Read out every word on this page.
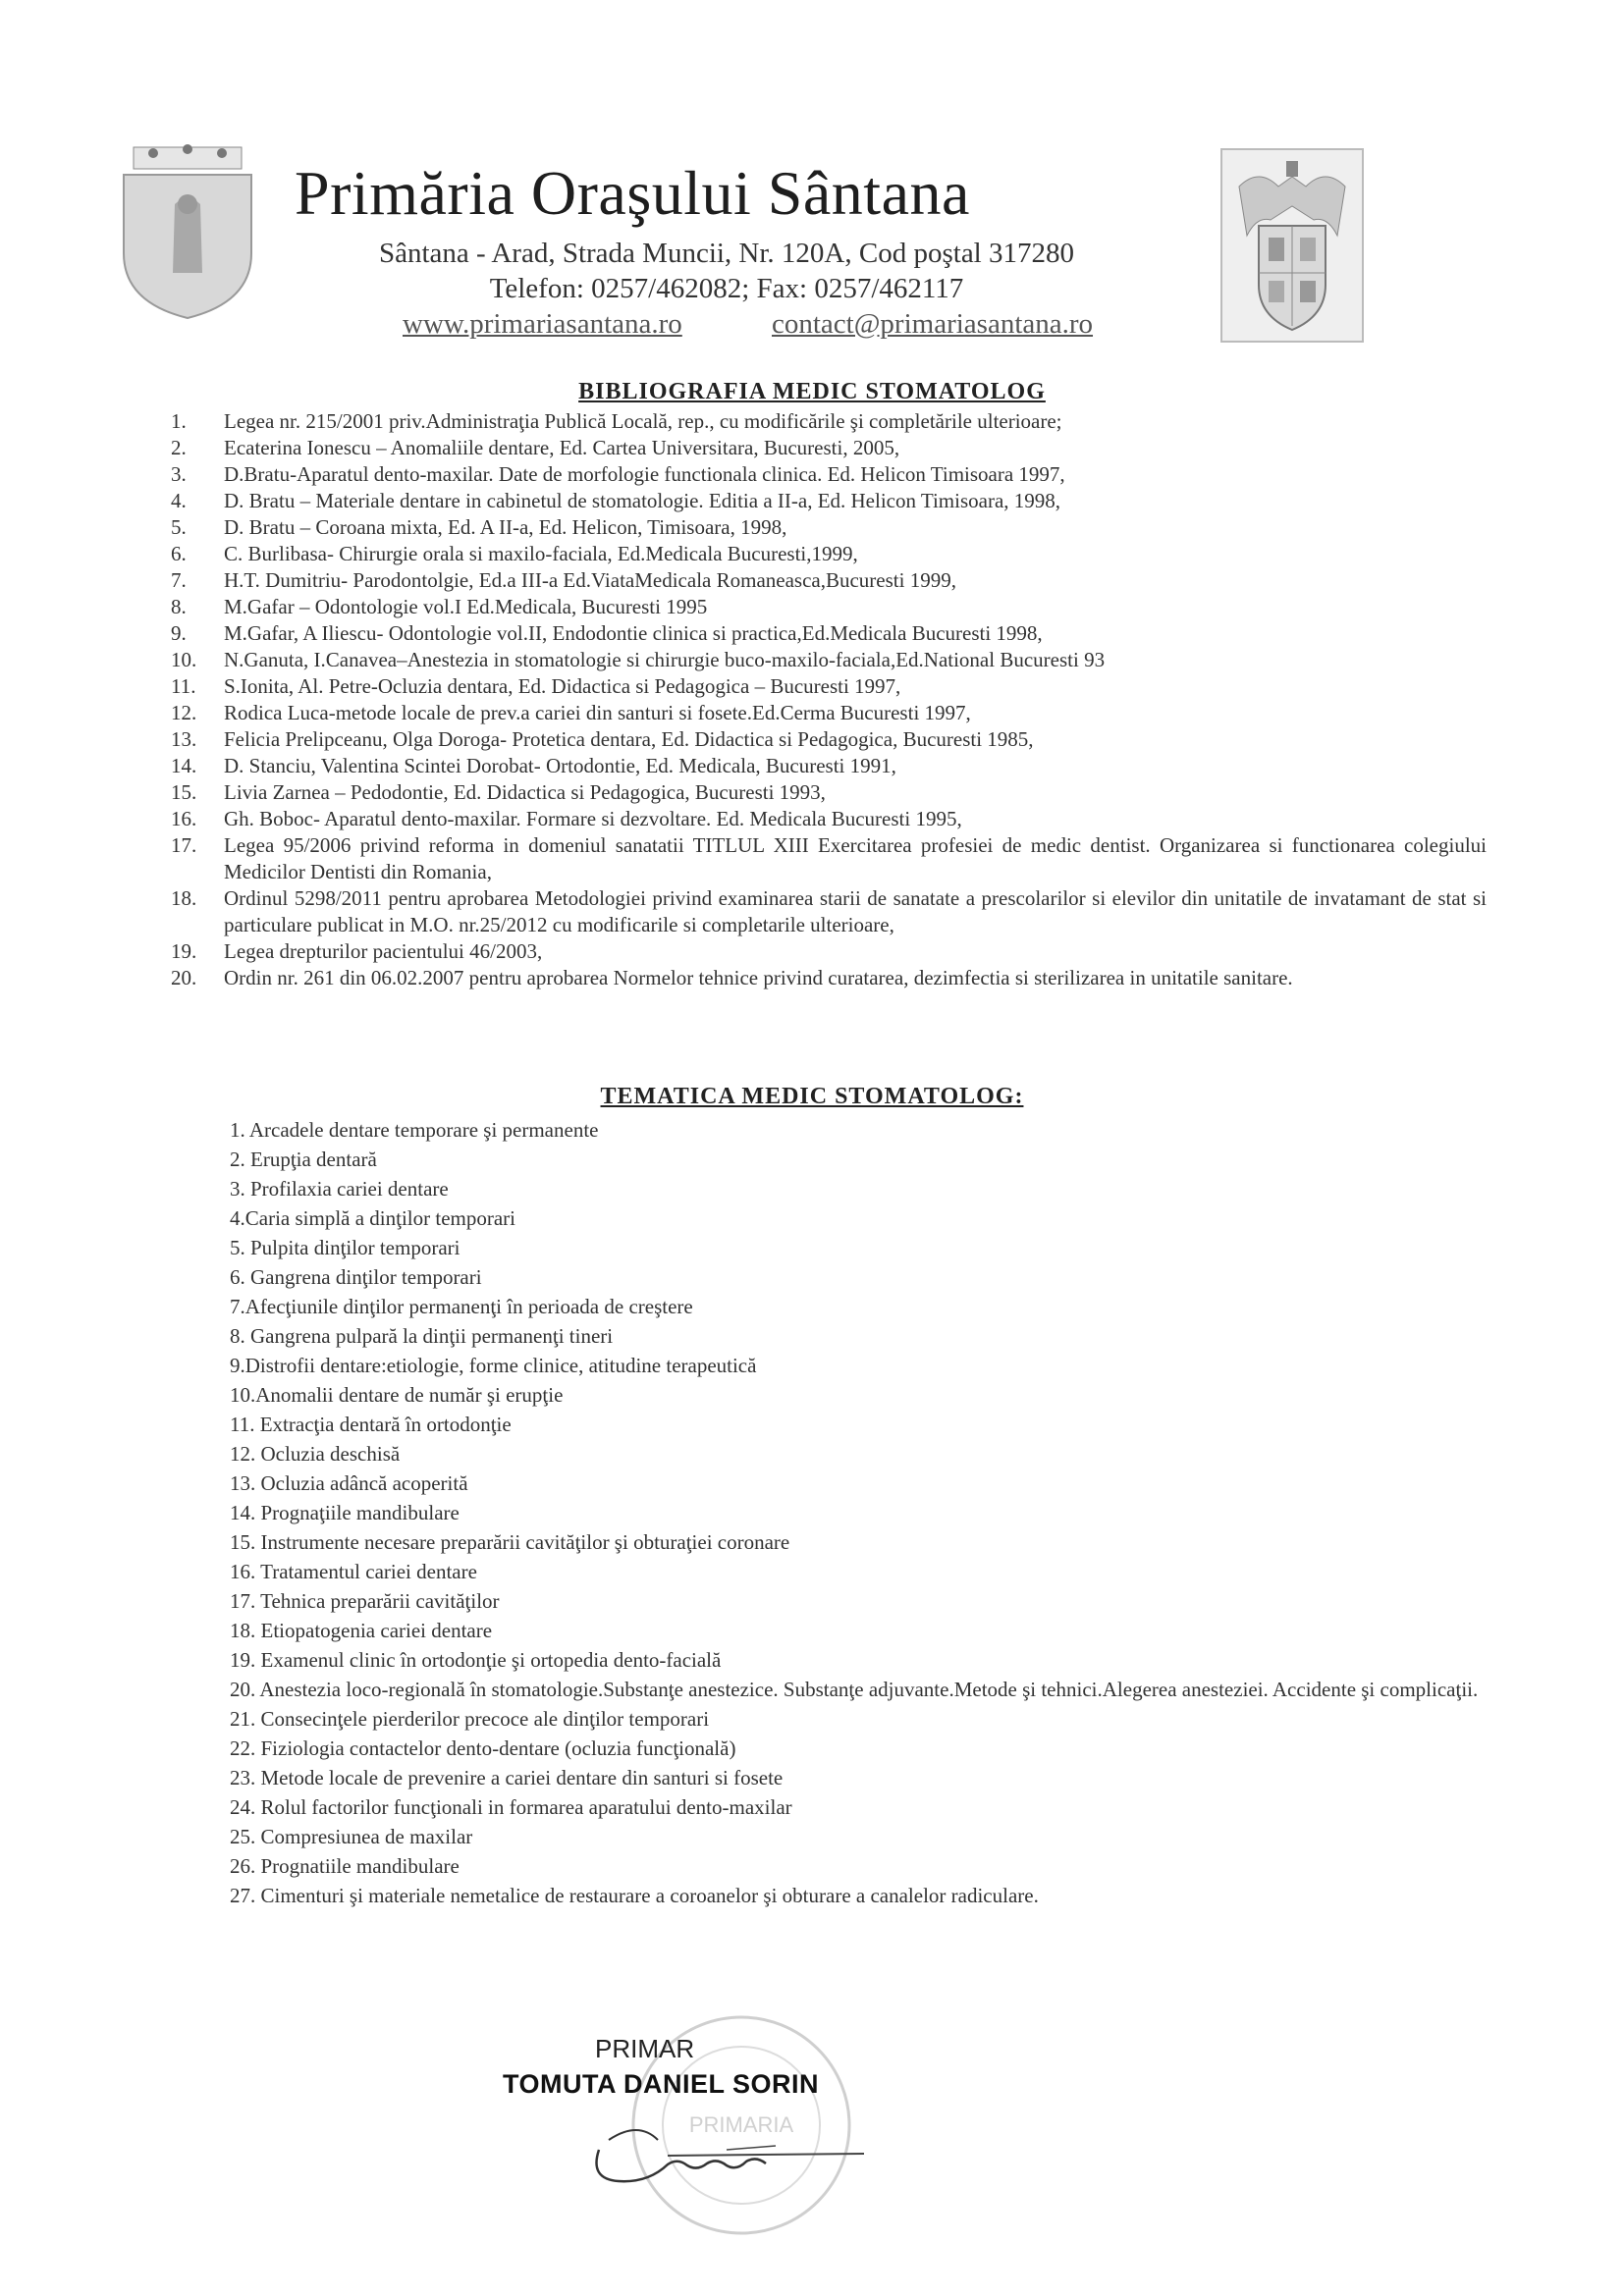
Primăria Oraşului Sântana
Sântana - Arad, Strada Muncii, Nr. 120A, Cod poştal 317280
Telefon: 0257/462082; Fax: 0257/462117
www.primariasantana.ro	contact@primariasantana.ro
BIBLIOGRAFIA MEDIC STOMATOLOG
1.	Legea nr. 215/2001 priv.Administraţia Publică Locală, rep., cu modificările şi completările ulterioare;
2.	Ecaterina Ionescu – Anomaliile dentare, Ed. Cartea Universitara, Bucuresti, 2005,
3.	D.Bratu-Aparatul dento-maxilar. Date de morfologie functionala clinica. Ed. Helicon Timisoara 1997,
4.	D. Bratu – Materiale dentare in cabinetul de stomatologie. Editia a II-a, Ed. Helicon Timisoara, 1998,
5.	D. Bratu – Coroana mixta, Ed. A II-a, Ed. Helicon, Timisoara, 1998,
6.	C. Burlibasa- Chirurgie orala si maxilo-faciala, Ed.Medicala Bucuresti,1999,
7.	H.T. Dumitriu- Parodontolgie, Ed.a III-a Ed.ViataMedicala Romaneasca,Bucuresti 1999,
8.	M.Gafar – Odontologie vol.I Ed.Medicala, Bucuresti 1995
9.	M.Gafar, A Iliescu- Odontologie vol.II, Endodontie clinica si practica,Ed.Medicala Bucuresti 1998,
10.	N.Ganuta, I.Canavea–Anestezia in stomatologie si chirurgie buco-maxilo-faciala,Ed.National Bucuresti 93
11.	S.Ionita, Al. Petre-Ocluzia dentara, Ed. Didactica si Pedagogica – Bucuresti 1997,
12.	Rodica Luca-metode locale de prev.a cariei din santuri si fosete.Ed.Cerma Bucuresti 1997,
13.	Felicia Prelipceanu, Olga Doroga- Protetica dentara, Ed. Didactica si Pedagogica, Bucuresti 1985,
14.	D. Stanciu, Valentina Scintei Dorobat- Ortodontie, Ed. Medicala, Bucuresti 1991,
15.	Livia Zarnea – Pedodontie, Ed. Didactica si Pedagogica, Bucuresti 1993,
16.	Gh. Boboc- Aparatul dento-maxilar. Formare si dezvoltare. Ed. Medicala Bucuresti 1995,
17.	Legea 95/2006 privind reforma in domeniul sanatatii TITLUL XIII Exercitarea profesiei de medic dentist. Organizarea si functionarea colegiului Medicilor Dentisti din Romania,
18.	Ordinul 5298/2011 pentru aprobarea Metodologiei privind examinarea starii de sanatate a prescolarilor si elevilor din unitatile de invatamant de stat si particulare publicat in M.O. nr.25/2012 cu modificarile si completarile ulterioare,
19.	Legea drepturilor pacientului 46/2003,
20.	Ordin nr. 261 din 06.02.2007 pentru aprobarea Normelor tehnice privind curatarea, dezimfectia si sterilizarea in unitatile sanitare.
TEMATICA MEDIC STOMATOLOG:
1. Arcadele dentare temporare şi permanente
2. Erupţia dentară
3. Profilaxia cariei dentare
4.Caria simplă a dinţilor temporari
5. Pulpita dinţilor temporari
6. Gangrena dinţilor temporari
7.Afecţiunile dinţilor permanenţi în perioada de creştere
8. Gangrena pulpară la dinţii permanenţi tineri
9.Distrofii dentare:etiologie, forme clinice, atitudine terapeutică
10.Anomalii dentare de număr şi erupţie
11. Extracţia dentară în ortodonţie
12. Ocluzia deschisă
13. Ocluzia adâncă acoperită
14. Prognaţiile mandibulare
15. Instrumente necesare preparării cavităţilor şi obturaţiei coronare
16. Tratamentul cariei dentare
17. Tehnica preparării cavităţilor
18. Etiopatogenia cariei dentare
19. Examenul clinic în ortodonţie şi ortopedia dento-facială
20. Anestezia loco-regională în stomatologie.Substanţe anestezice. Substanţe adjuvante.Metode şi tehnici.Alegerea anesteziei. Accidente şi complicaţii.
21. Consecinţele pierderilor precoce ale dinţilor temporari
22. Fiziologia contactelor dento-dentare (ocluzia funcţională)
23. Metode locale de prevenire a cariei dentare din santuri si fosete
24. Rolul factorilor funcţionali in formarea aparatului dento-maxilar
25. Compresiunea de maxilar
26. Prognatiile mandibulare
27. Cimenturi şi materiale nemetalice de restaurare a coroanelor şi obturare a canalelor radiculare.
PRIMARIA
PRIMAR
TOMUTA DANIEL SORIN
